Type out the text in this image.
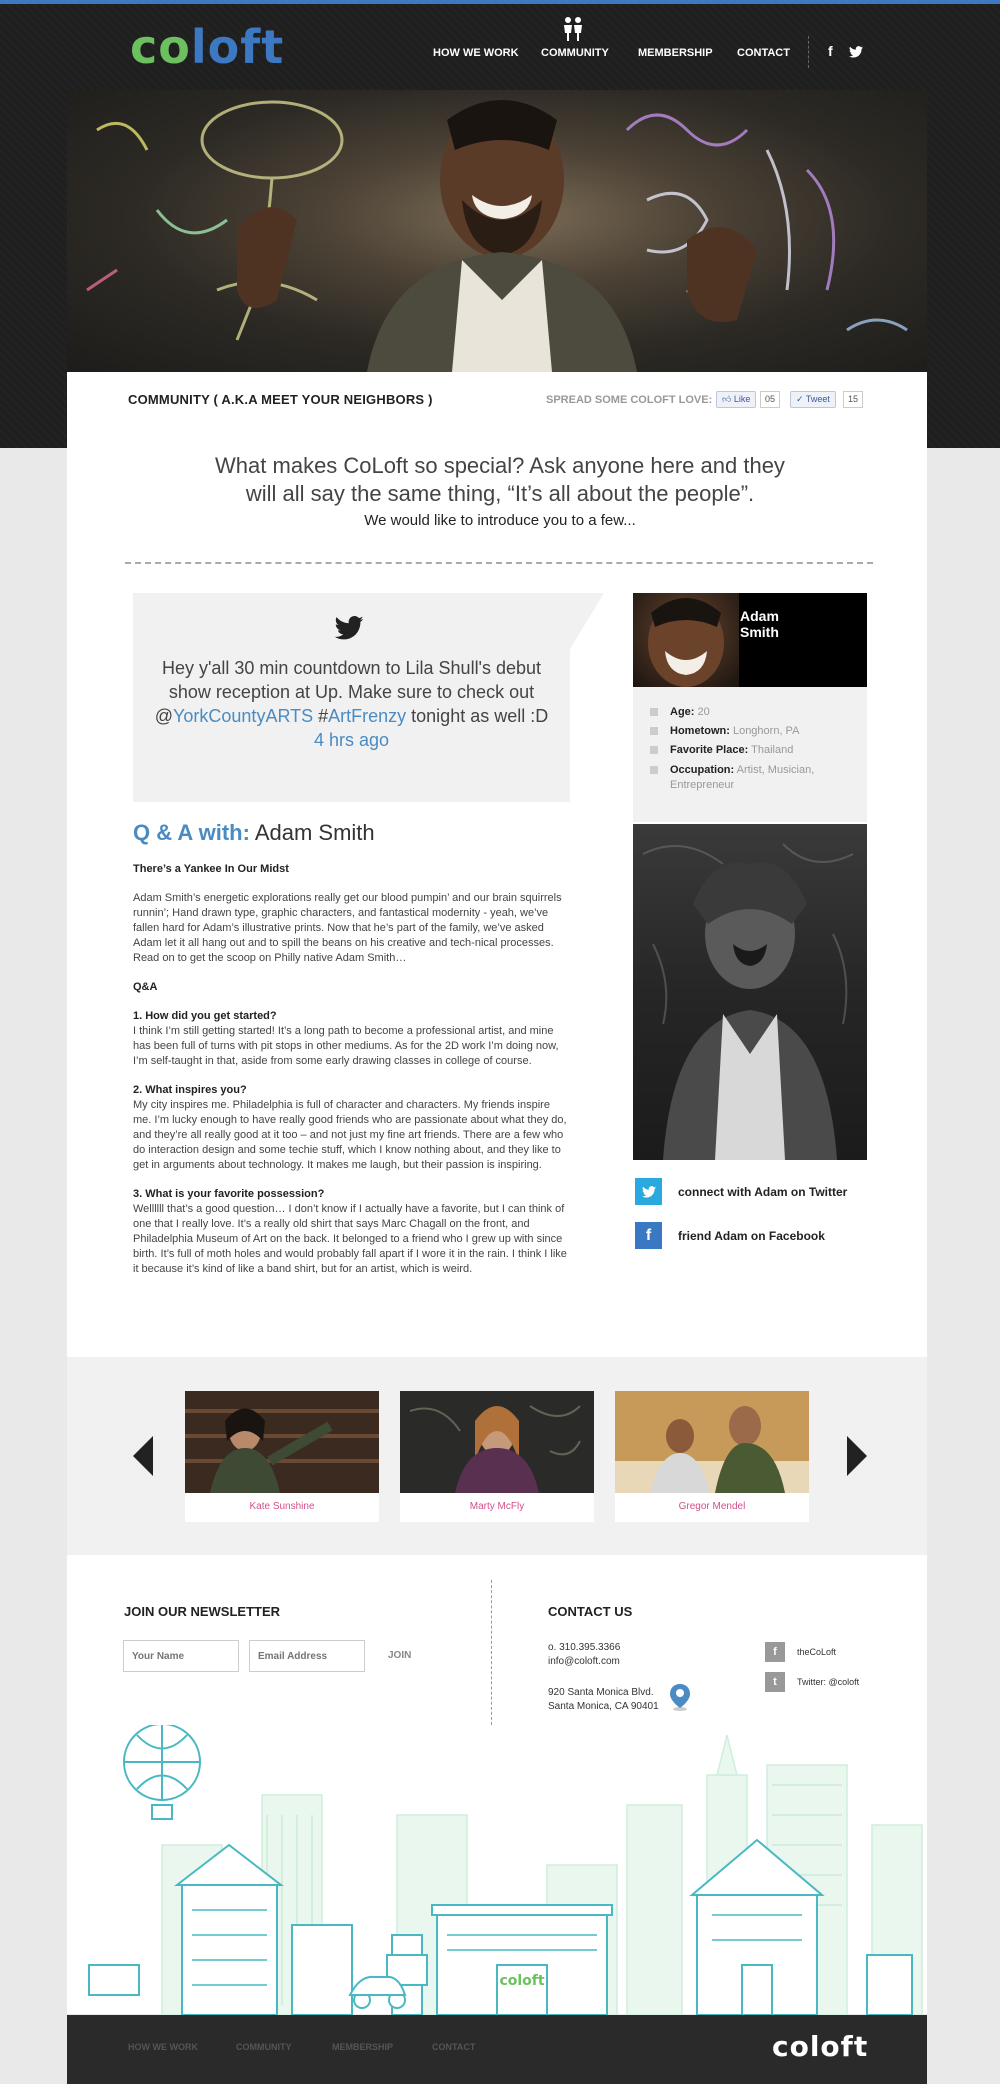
coloft	HOW WE WORK COMMUNITY	MEMBERSHIP CONTACT	f
COMMUNITY ( A.K.A MEET YOUR NEIGHBORS )	SPREAD SOME COLOFT LOVE:	👍︎ Like	05	✓ Tweet	15
What makes CoLoft so special? Ask anyone here and they
will all say the same thing, “It’s all about the people”.
We would like to introduce you to a few...
Hey y'all 30 min countdown to Lila Shull's debut show reception at Up. Make sure to check out @YorkCountyARTS #ArtFrenzy tonight as well :D 4 hrs ago
Q & A with: Adam Smith

There’s a Yankee In Our Midst

Adam Smith’s energetic explorations really get our blood pumpin’ and our brain squirrels runnin’; Hand drawn type, graphic characters, and fantastical modernity - yeah, we’ve fallen hard for Adam’s illustrative prints. Now that he’s part of the family, we’ve asked Adam let it all hang out and to spill the beans on his creative and tech-nical processes. Read on to get the scoop on Philly native Adam Smith…

Q&A

1. How did you get started?

I think I’m still getting started! It’s a long path to become a professional artist, and mine has been full of turns with pit stops in other mediums. As for the 2D work I’m doing now, I’m self-taught in that, aside from some early drawing classes in college of course.

2. What inspires you?

My city inspires me. Philadelphia is full of character and characters. My friends inspire me. I’m lucky enough to have really good friends who are passionate about what they do, and they’re all really good at it too – and not just my fine art friends. There are a few who do interaction design and some techie stuff, which I know nothing about, and they like to get in arguments about technology. It makes me laugh, but their passion is inspiring.

3. What is your favorite possession?

Wellllll that’s a good question… I don’t know if I actually have a favorite, but I can think of one that I really love. It’s a really old shirt that says Marc Chagall on the front, and Philadelphia Museum of Art on the back. It belonged to a friend who I grew up with since birth. It’s full of moth holes and would probably fall apart if I wore it in the rain. I think I like it because it’s kind of like a band shirt, but for an artist, which is weird.

Adam
Smith
Age: 20
Hometown: Longhorn, PA
Favorite Place: Thailand
Occupation: Artist, Musician, Entrepreneur
connect with Adam on Twitter
f	friend Adam on Facebook
Kate Sunshine	Marty McFly	Gregor Mendel
JOIN OUR NEWSLETTER
Your Name
Email Address
JOIN
CONTACT US
o. 310.395.3366
info@coloft.com
920 Santa Monica Blvd.
Santa Monica, CA 90401
f	theCoLoft
t	Twitter: @coloft
coloft
HOW WE WORK	COMMUNITY	MEMBERSHIP	CONTACT	coloft
